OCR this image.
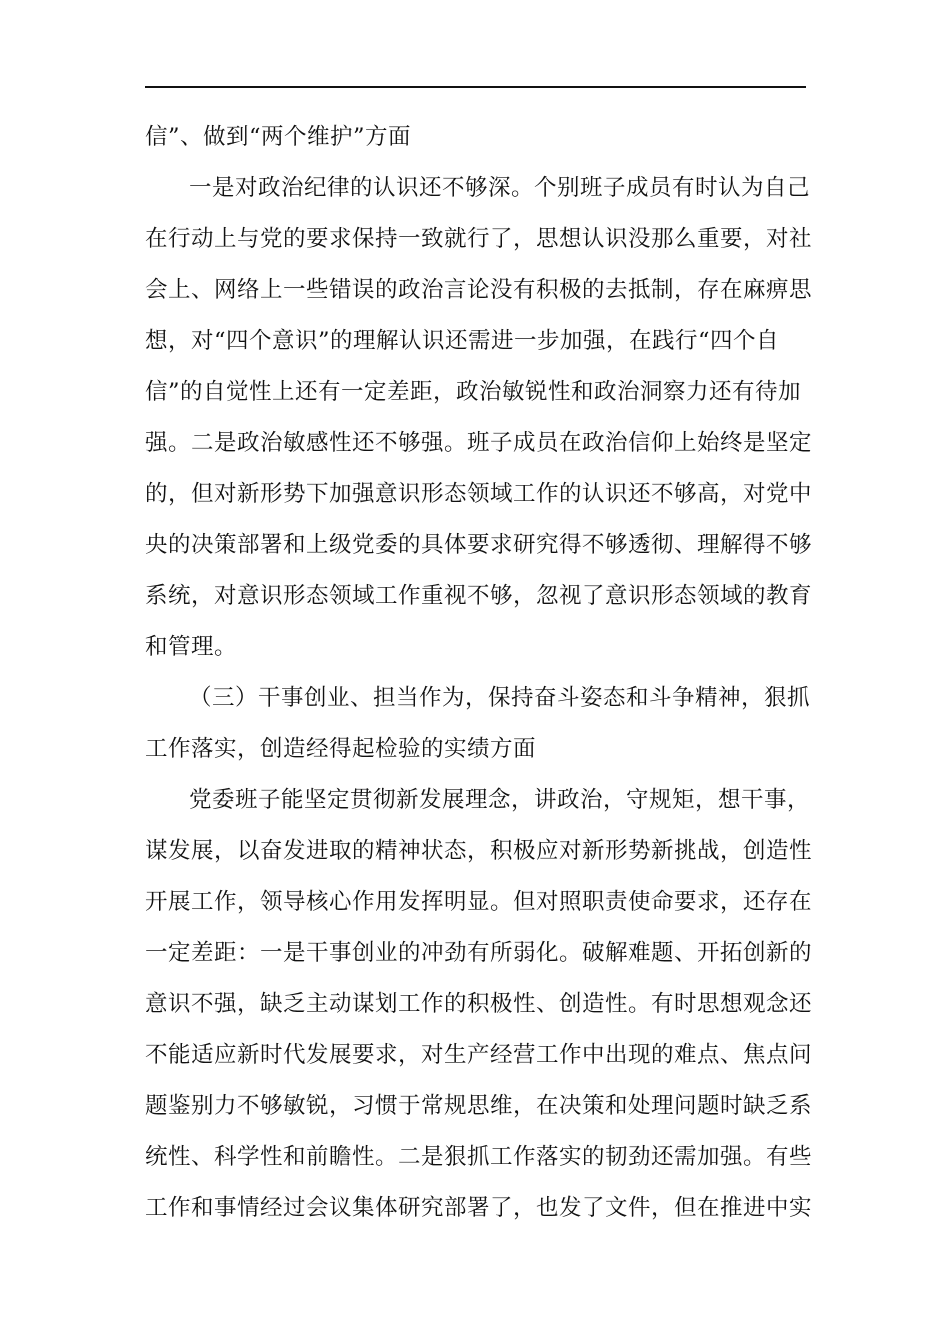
信”、做到“两个维护”方面
一是对政治纪律的认识还不够深。个别班子成员有时认为自己
在行动上与党的要求保持一致就行了，思想认识没那么重要，对社
会上、网络上一些错误的政治言论没有积极的去抵制，存在麻痹思
想，对“四个意识”的理解认识还需进一步加强，在践行“四个自
信”的自觉性上还有一定差距，政治敏锐性和政治洞察力还有待加
强。二是政治敏感性还不够强。班子成员在政治信仰上始终是坚定
的，但对新形势下加强意识形态领域工作的认识还不够高，对党中
央的决策部署和上级党委的具体要求研究得不够透彻、理解得不够
系统，对意识形态领域工作重视不够，忽视了意识形态领域的教育
和管理。
（三）干事创业、担当作为，保持奋斗姿态和斗争精神，狠抓
工作落实，创造经得起检验的实绩方面
党委班子能坚定贯彻新发展理念，讲政治，守规矩，想干事，
谋发展，以奋发进取的精神状态，积极应对新形势新挑战，创造性
开展工作，领导核心作用发挥明显。但对照职责使命要求，还存在
一定差距：一是干事创业的冲劲有所弱化。破解难题、开拓创新的
意识不强，缺乏主动谋划工作的积极性、创造性。有时思想观念还
不能适应新时代发展要求，对生产经营工作中出现的难点、焦点问
题鉴别力不够敏锐，习惯于常规思维，在决策和处理问题时缺乏系
统性、科学性和前瞻性。二是狠抓工作落实的韧劲还需加强。有些
工作和事情经过会议集体研究部署了，也发了文件，但在推进中实
